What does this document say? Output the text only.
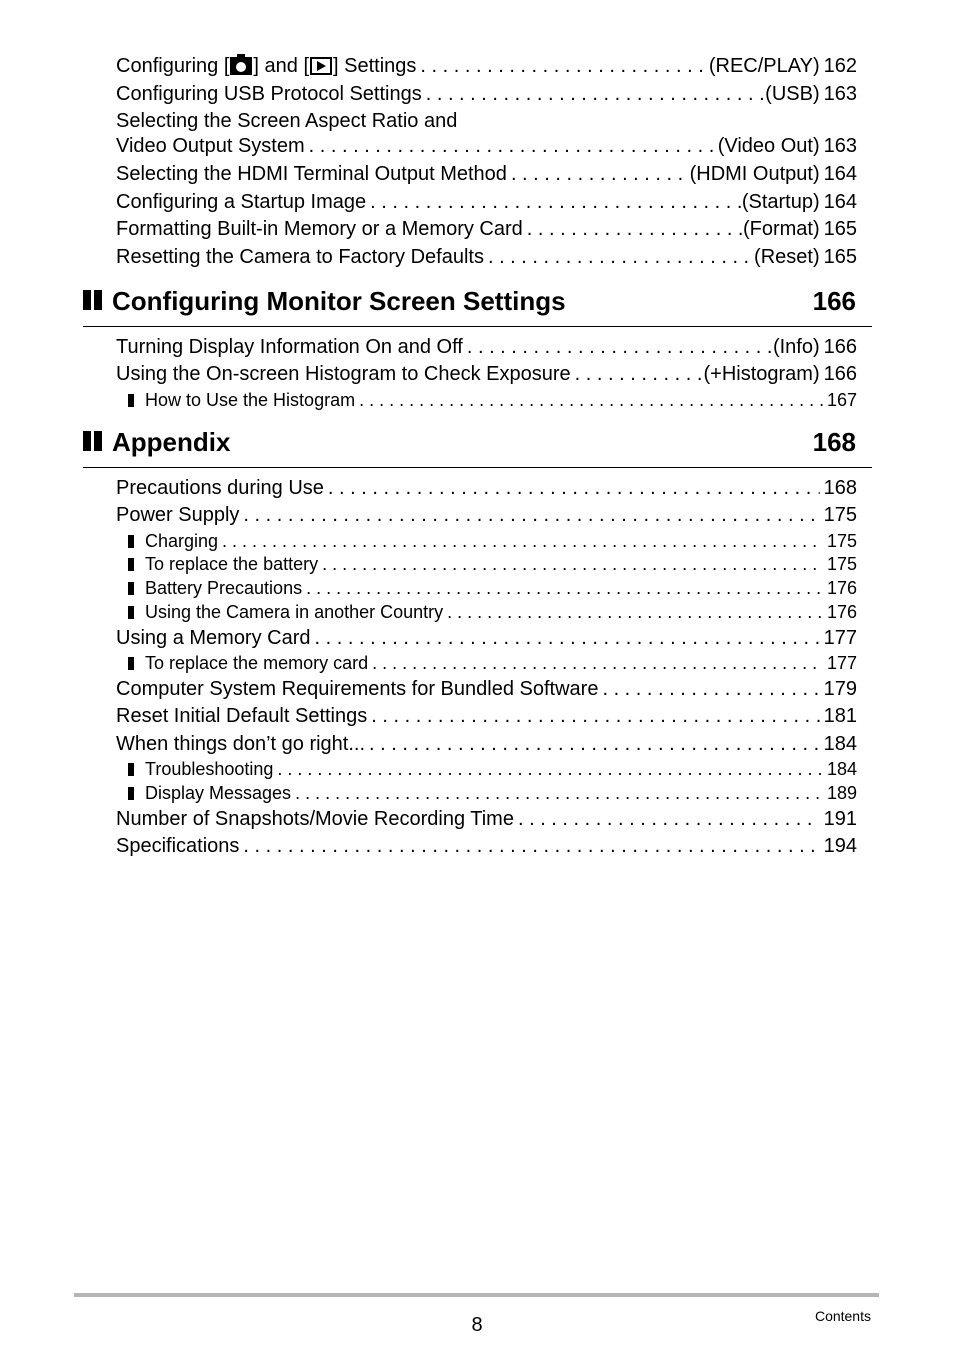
Configuring [ ] and [ ] Settings . . .	(REC/PLAY) 162
Configuring USB Protocol Settings . . .	(USB) 163
Selecting the Screen Aspect Ratio and
Video Output System . . .	(Video Out) 163
Selecting the HDMI Terminal Output Method . . .	(HDMI Output) 164
Configuring a Startup Image . . .	(Startup) 164
Formatting Built-in Memory or a Memory Card . . .	(Format) 165
Resetting the Camera to Factory Defaults . . .	(Reset) 165
Configuring Monitor Screen Settings	166
Turning Display Information On and Off . . .	(Info) 166
Using the On-screen Histogram to Check Exposure . . .	(+Histogram) 166
How to Use the Histogram . . .	167
Appendix	168
Precautions during Use . . .	168
Power Supply . . .	175
Charging . . .	175
To replace the battery . . .	175
Battery Precautions . . .	176
Using the Camera in another Country . . .	176
Using a Memory Card . . .	177
To replace the memory card . . .	177
Computer System Requirements for Bundled Software . . .	179
Reset Initial Default Settings . . .	181
When things don’t go right... . . .	184
Troubleshooting . . .	184
Display Messages . . .	189
Number of Snapshots/Movie Recording Time . . .	191
Specifications . . .	194
8	Contents
